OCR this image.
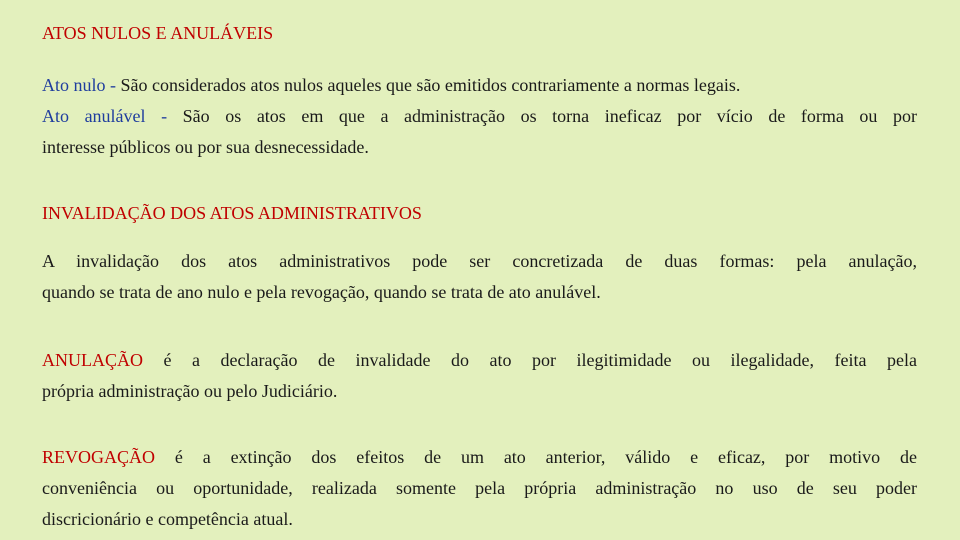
ATOS NULOS E ANULÁVEIS
Ato nulo - São considerados atos nulos aqueles que são emitidos contrariamente a normas legais.
Ato anulável - São os atos em que a administração os torna ineficaz por vício de forma ou por
interesse públicos ou por sua desnecessidade.
INVALIDAÇÃO DOS ATOS ADMINISTRATIVOS
A invalidação dos atos administrativos pode ser concretizada de duas formas: pela anulação,
quando se trata de ano nulo e pela revogação, quando se trata de ato anulável.
ANULAÇÃO é a declaração de invalidade do ato por ilegitimidade ou ilegalidade, feita pela
própria administração ou pelo Judiciário.
REVOGAÇÃO é a extinção dos efeitos de um ato anterior, válido e eficaz, por motivo de
conveniência ou oportunidade, realizada somente pela própria administração no uso de seu poder
discricionário e competência atual.
